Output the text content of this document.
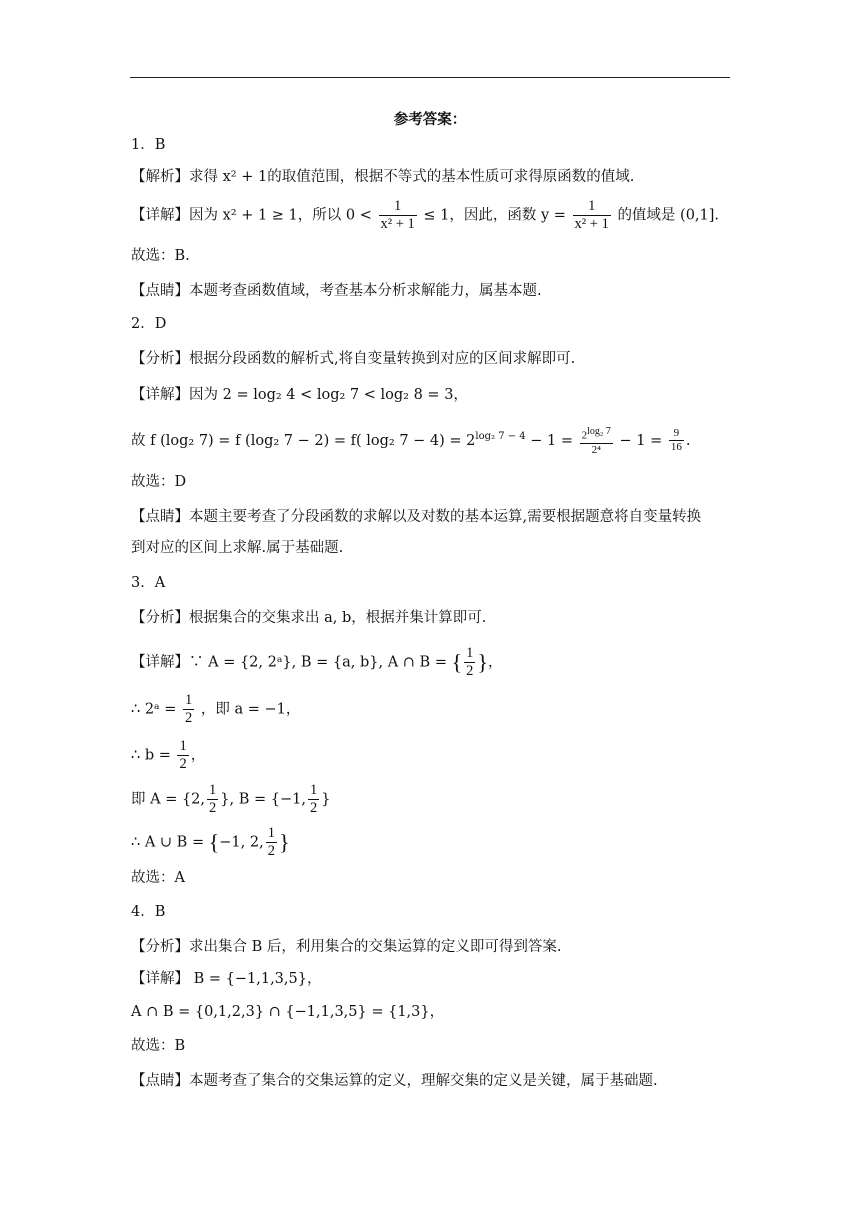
参考答案：
1．B
【解析】求得 x² + 1的取值范围，根据不等式的基本性质可求得原函数的值域.
【详解】因为 x² + 1 ≥ 1，所以 $0 < \frac{1}{\text{x² + 1}} \le 1$，因此，函数 $y = \frac{1}{\text{x² + 1}}$ 的值域是 (0,1].
故选：B.
【点睛】本题考查函数值域，考查基本分析求解能力，属基本题.
2．D
【分析】根据分段函数的解析式,将自变量转换到对应的区间求解即可.
【详解】因为 2 = log₂ 4 < log₂ 7 < log₂ 8 = 3，
故 f (log₂ 7) = f (log₂ 7 − 2) = f( log₂ $7 - 4) = 2^{log_2 7 - 4} - 1 = \frac{2^{log_2 7}}{\text{2⁴}} - 1 = \frac{9}{16}$ .
故选：D
【点睛】本题主要考查了分段函数的求解以及对数的基本运算,需要根据题意将自变量转换
到对应的区间上求解.属于基础题.
3．A
【分析】根据集合的交集求出 a, b，根据并集计算即可.
【详解】∵ A = {2, 2ᵃ}, B = {a, b}, A ∩ B = { $\frac{1}{2}$ }，
∴ 2ᵃ = $\frac{1}{2}$ ，即 a = −1，
∴ $b = \frac{1}{2}$ ，
即 A = {2, $\frac{1}{2}$ }, B = {−1, $\frac{1}{2}$ }
∴ A ∪ B = {−1, 2, $\frac{1}{2}$ }
故选：A
4．B
【分析】求出集合 B 后，利用集合的交集运算的定义即可得到答案.
【详解】 B = {−1,1,3,5}，
A ∩ B = {0,1,2,3} ∩ {−1,1,3,5} = {1,3}，
故选：B
【点睛】本题考查了集合的交集运算的定义，理解交集的定义是关键，属于基础题.
